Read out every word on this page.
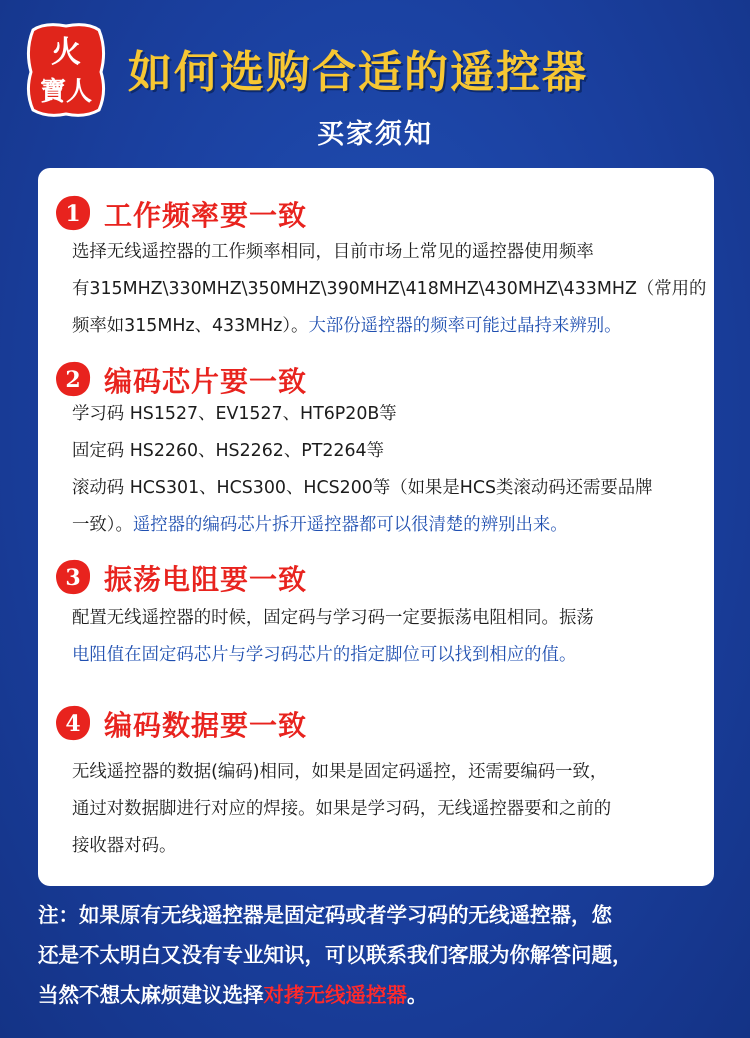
火
寶人 如何选购合适的遥控器
买家须知
1 工作频率要一致
选择无线遥控器的工作频率相同，目前市场上常见的遥控器使用频率
有315MHZ\330MHZ\350MHZ\390MHZ\418MHZ\430MHZ\433MHZ（常用的
频率如315MHz、433MHz）。大部份遥控器的频率可能过晶持来辨别。
2 编码芯片要一致
学习码 HS1527、EV1527、HT6P20B等
固定码 HS2260、HS2262、PT2264等
滚动码 HCS301、HCS300、HCS200等（如果是HCS类滚动码还需要品牌
一致）。遥控器的编码芯片拆开遥控器都可以很清楚的辨别出来。
3 振荡电阻要一致
配置无线遥控器的时候，固定码与学习码一定要振荡电阻相同。振荡
电阻值在固定码芯片与学习码芯片的指定脚位可以找到相应的值。
4 编码数据要一致
无线遥控器的数据(编码)相同，如果是固定码遥控，还需要编码一致，
通过对数据脚进行对应的焊接。如果是学习码，无线遥控器要和之前的
接收器对码。
注：如果原有无线遥控器是固定码或者学习码的无线遥控器，您
还是不太明白又没有专业知识，可以联系我们客服为你解答问题，
当然不想太麻烦建议选择对拷无线遥控器。
